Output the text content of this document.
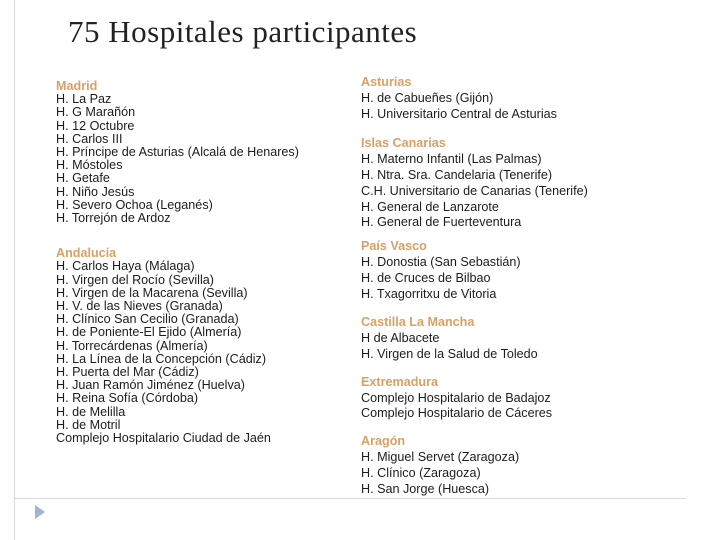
75 Hospitales participantes
Madrid
H. La Paz
H. G Marañón
H. 12 Octubre
H. Carlos III
H. Príncipe de Asturias (Alcalá de Henares)
H. Móstoles
H. Getafe
H. Niño Jesús
H. Severo Ochoa (Leganés)
H. Torrejón de Ardoz
Andalucía
H. Carlos Haya (Málaga)
H. Virgen del Rocío (Sevilla)
H. Virgen de la Macarena (Sevilla)
H. V. de las Nieves (Granada)
H. Clínico San Cecilio (Granada)
H. de Poniente-El Ejido (Almería)
H. Torrecárdenas (Almería)
H. La Línea de la Concepción (Cádiz)
H. Puerta del Mar (Cádiz)
H. Juan Ramón Jiménez (Huelva)
H. Reina Sofía (Córdoba)
H. de Melilla
H. de Motril
Complejo Hospitalario Ciudad de Jaén
Asturias
H. de Cabueñes (Gijón)
H. Universitario Central de Asturias
Islas Canarias
H. Materno Infantil (Las Palmas)
H. Ntra. Sra. Candelaria (Tenerife)
C.H. Universitario de Canarias (Tenerife)
H. General de Lanzarote
H. General de Fuerteventura
País Vasco
H. Donostia (San Sebastián)
H. de Cruces de Bilbao
H. Txagorritxu de Vitoria
Castilla La Mancha
H de Albacete
H. Virgen de la Salud de Toledo
Extremadura
Complejo Hospitalario de Badajoz
Complejo Hospitalario de Cáceres
Aragón
H. Miguel Servet (Zaragoza)
H. Clínico (Zaragoza)
H. San Jorge (Huesca)
